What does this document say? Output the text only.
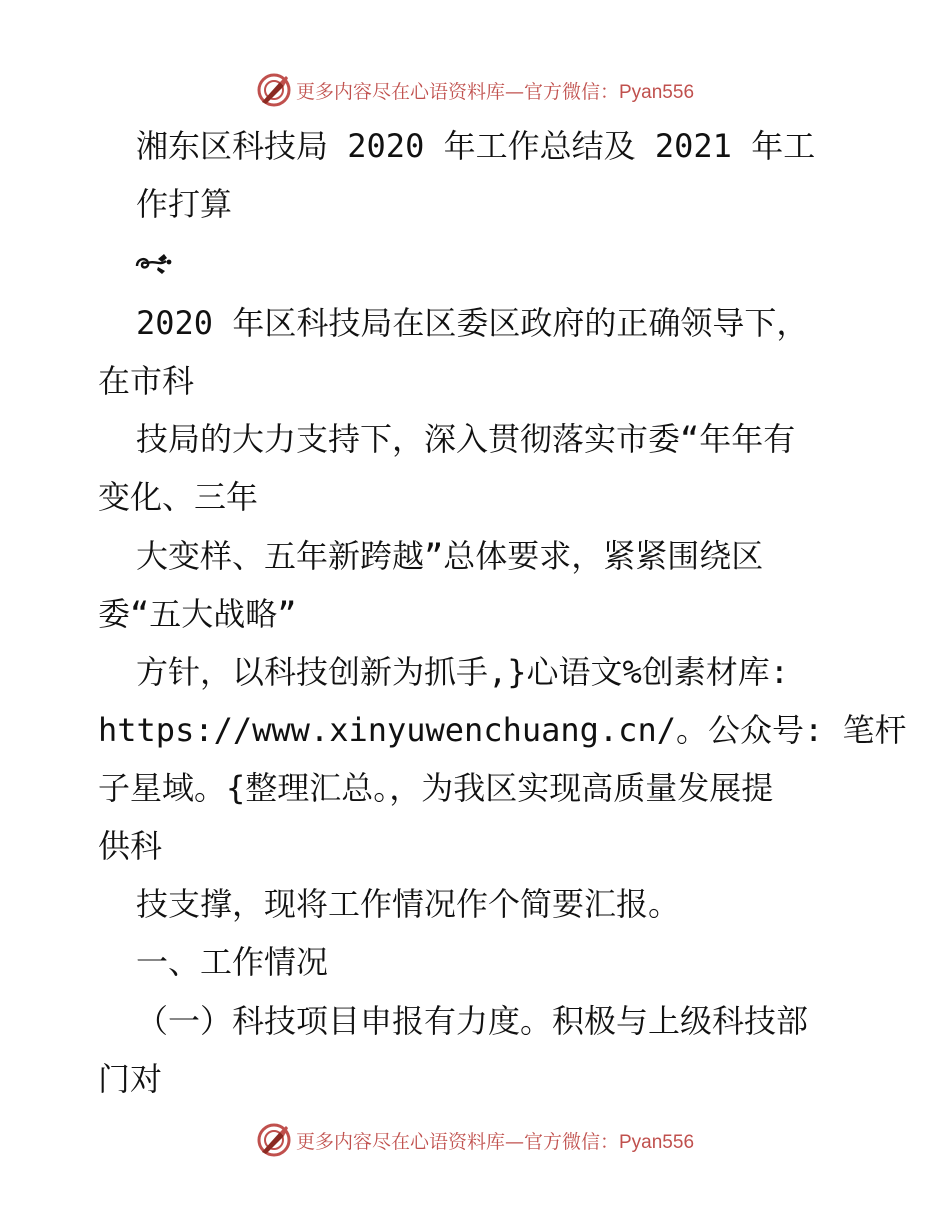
更多内容尽在心语资料库—官方微信：Pyan556
湘东区科技局 2020 年工作总结及 2021 年工
作打算
2020 年区科技局在区委区政府的正确领导下，
在市科
技局的大力支持下，深入贯彻落实市委“年年有
变化、三年
大变样、五年新跨越”总体要求，紧紧围绕区
委“五大战略”
方针，以科技创新为抓手,}心语文%创素材库:
https://www.xinyuwenchuang.cn/。公众号: 笔杆
子星域。{整理汇总。，为我区实现高质量发展提
供科
技支撑，现将工作情况作个简要汇报。
一、工作情况
（一）科技项目申报有力度。积极与上级科技部
门对
更多内容尽在心语资料库—官方微信：Pyan556
